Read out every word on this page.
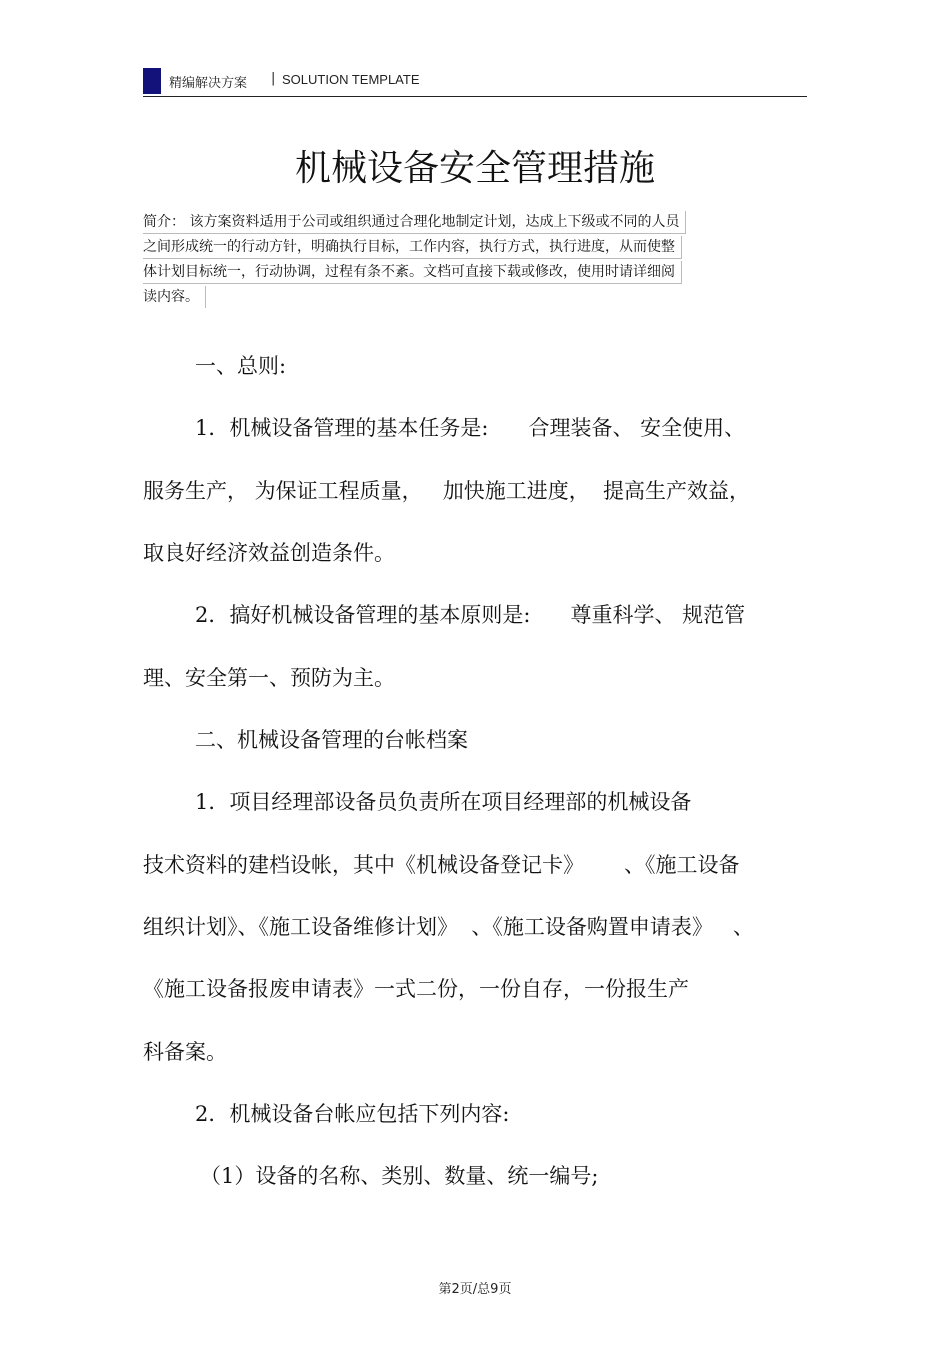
精编解决方案 | SOLUTION TEMPLATE
机械设备安全管理措施
简介： 该方案资料适用于公司或组织通过合理化地制定计划，达成上下级或不同的人员
之间形成统一的行动方针，明确执行目标，工作内容，执行方式，执行进度，从而使整
体计划目标统一，行动协调，过程有条不紊。文档可直接下载或修改，使用时请详细阅
读内容。
一、总则:
1．机械设备管理的基本任务是:      合理装备、 安全使用、
服务生产， 为保证工程质量，   加快施工进度，  提高生产效益，
取良好经济效益创造条件。
2．搞好机械设备管理的基本原则是:      尊重科学、 规范管
理、安全第一、预防为主。
二、机械设备管理的台帐档案
1．项目经理部设备员负责所在项目经理部的机械设备
技术资料的建档设帐，其中《机械设备登记卡》      、《施工设备
组织计划》、《施工设备维修计划》  、《施工设备购置申请表》   、
《施工设备报废申请表》一式二份，一份自存，一份报生产
科备案。
2．机械设备台帐应包括下列内容:
（1）设备的名称、类别、数量、统一编号;
第2页/总9页
